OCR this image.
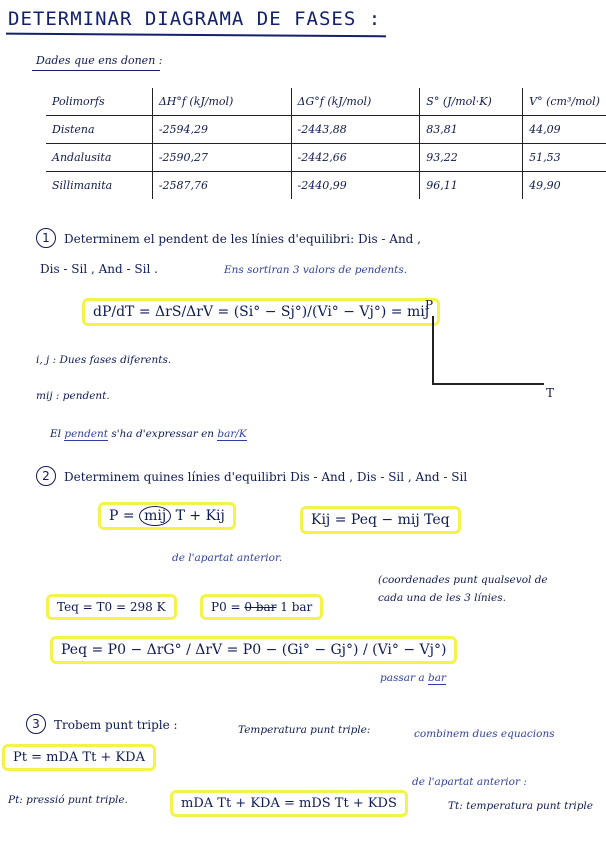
DETERMINAR DIAGRAMA DE FASES :
Dades que ens donen :
Polimorfs	ΔH°f (kJ/mol)	ΔG°f (kJ/mol)	S° (J/mol·K)	V° (cm³/mol)
Distena	-2594,29	-2443,88	83,81	44,09
Andalusita	-2590,27	-2442,66	93,22	51,53
Sillimanita	-2587,76	-2440,99	96,11	49,90
1	Determinem el pendent de les línies d'equilibri: Dis - And ,
Dis - Sil , And - Sil .	Ens sortiran 3 valors de pendents.
dP/dT = ΔrS/ΔrV = (Si° − Sj°)/(Vi° − Vj°) = mij
P
T
i, j : Dues fases diferents.
mij : pendent.
El pendent s'ha d'expressar en bar/K
2	Determinem quines línies d'equilibri Dis - And , Dis - Sil , And - Sil
P = mij T + Kij	Kij = Peq − mij Teq
de l'apartat anterior.
(coordenades punt qualsevol de
cada una de les 3 línies.
Teq = T0 = 298 K	P0 = 0 bar 1 bar
Peq = P0 − ΔrG° / ΔrV = P0 − (Gi° − Gj°) / (Vi° − Vj°)
passar a bar
3	Trobem punt triple :	Temperatura punt triple:	combinem dues equacions
de l'apartat anterior :
Pt = mDA Tt + KDA
Pt: pressió punt triple.	mDA Tt + KDA = mDS Tt + KDS	Tt: temperatura punt triple
